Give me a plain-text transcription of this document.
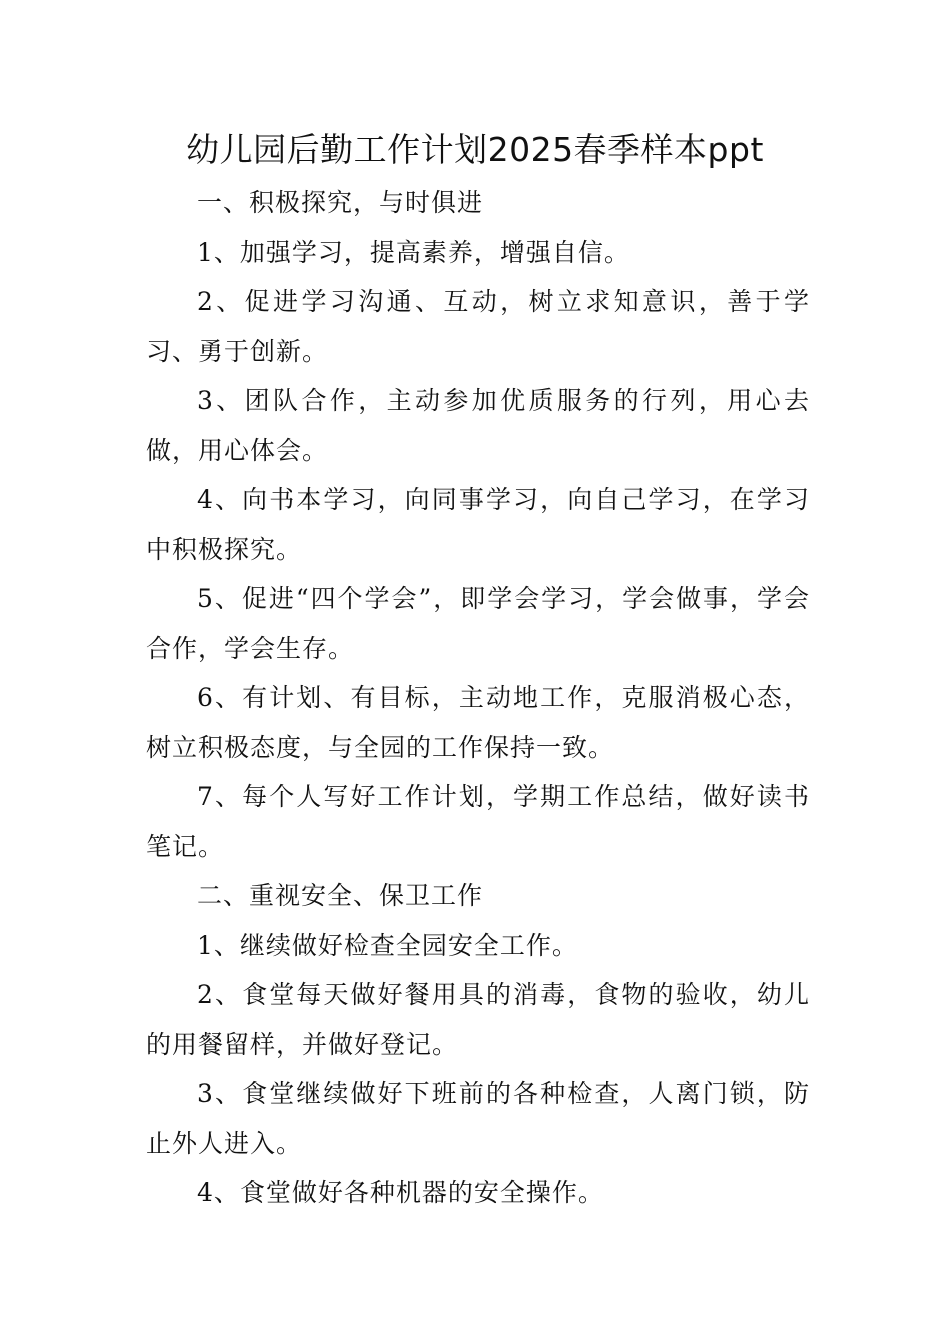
幼儿园后勤工作计划2025春季样本ppt

一、积极探究，与时俱进

1、加强学习，提高素养，增强自信。

2、促进学习沟通、互动，树立求知意识，善于学习、勇于创新。

3、团队合作，主动参加优质服务的行列，用心去做，用心体会。

4、向书本学习，向同事学习，向自己学习，在学习中积极探究。

5、促进“四个学会”，即学会学习，学会做事，学会合作，学会生存。

6、有计划、有目标，主动地工作，克服消极心态，树立积极态度，与全园的工作保持一致。

7、每个人写好工作计划，学期工作总结，做好读书笔记。

二、重视安全、保卫工作

1、继续做好检查全园安全工作。

2、食堂每天做好餐用具的消毒，食物的验收，幼儿的用餐留样，并做好登记。

3、食堂继续做好下班前的各种检查，人离门锁，防止外人进入。

4、食堂做好各种机器的安全操作。
